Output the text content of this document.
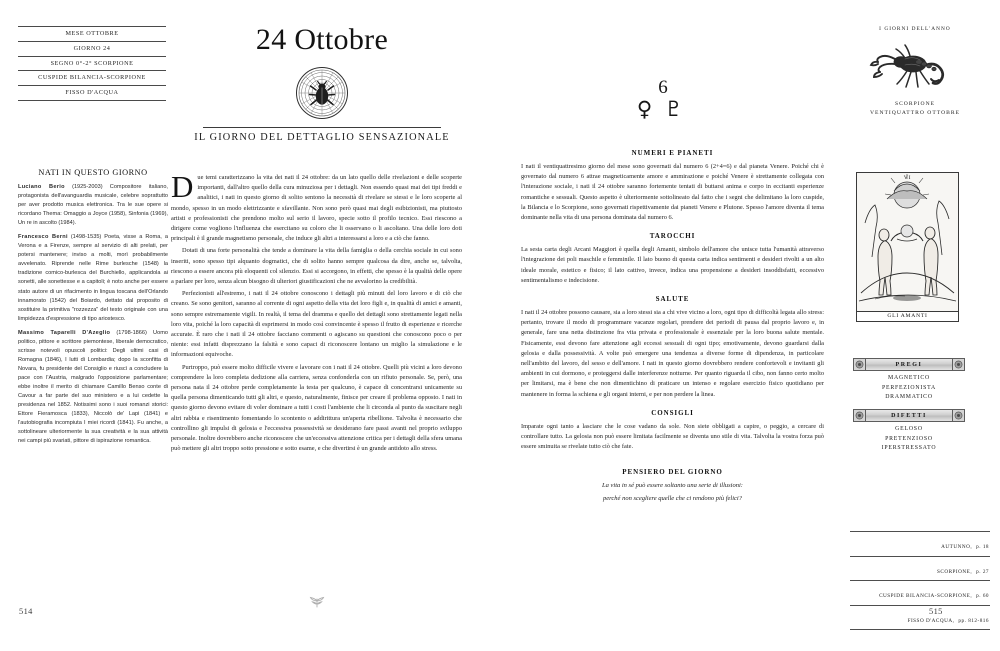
MESE OTTOBRE
GIORNO 24
SEGNO 0°-2° SCORPIONE
CUSPIDE BILANCIA-SCORPIONE
FISSO D'ACQUA
NATI IN QUESTO GIORNO
Luciano Berio (1925-2003) Compositore italiano, protagonista dell'avanguardia musicale, celebre soprattutto per aver prodotto musica elettronica. Tra le sue opere si ricordano Thema: Omaggio a Joyce (1958), Sinfonia (1969), Un re in ascolto (1984).
Francesco Berni (1498-1535) Poeta, visse a Roma, a Verona e a Firenze, sempre al servizio di alti prelati, per potersi mantenere; inviso a molti, morì probabilmente avvelenato. Riprende nelle Rime burlesche (1548) la tradizione comico-burlesca del Burchiello, applicandola ai sonetti, alle sonettesse e a capitoli; è noto anche per essere stato autore di un rifacimento in lingua toscana dell'Orlando innamorato (1542) del Boiardo, dettato dal proposito di sostituire la primitiva "rozzezza" del testo originale con una limpidezza d'espressione di tipo ariostesco.
Massimo Taparelli D'Azeglio (1798-1866) Uomo politico, pittore e scrittore piemontese, liberale democratico, scrisse notevoli opuscoli politici: Degli ultimi casi di Romagna (1846), I lutti di Lombardia; dopo la sconfitta di Novara, fu presidente del Consiglio e riuscì a concludere la pace con l'Austria, malgrado l'opposizione parlamentare; ebbe inoltre il merito di chiamare Camillo Benso conte di Cavour a far parte del suo ministero e a lui cedette la presidenza nel 1852. Notissimi sono i suoi romanzi storici: Ettore Fieramosca (1833), Niccolò de' Lapi (1841) e l'autobiografia incompiuta I miei ricordi (1841). Fu anche, a sottolineare ulteriormente la sua creatività e la sua attività nei campi più svariati, pittore di ispirazione romantica.
24 Ottobre
IL GIORNO DEL DETTAGLIO SENSAZIONALE
Due temi caratterizzano la vita dei nati il 24 ottobre: da un lato quello delle rivelazioni e delle scoperte importanti, dall'altro quello della cura minuziosa per i dettagli. Non essendo quasi mai dei tipi freddi e analitici, i nati in questo giorno di solito sentono la necessità di rivelare se stessi e le loro scoperte al mondo, spesso in un modo elettrizzante e sfavillante. Non sono però quasi mai degli esibizionisti, ma piuttosto artisti e professionisti che prendono molto sul serio il lavoro, specie sotto il profilo tecnico. Essi riescono a dirigere come vogliono l'influenza che esercitano su coloro che li osservano o li ascoltano. Una delle loro doti principali è il grande magnetismo personale, che induce gli altri a interessarsi a loro e a ciò che fanno.
Dotati di una forte personalità che tende a dominare la vita della famiglia o della cerchia sociale in cui sono inseriti, sono spesso tipi alquanto dogmatici, che di solito hanno sempre qualcosa da dire, anche se, talvolta, riescono a essere ancora più eloquenti col silenzio. Essi si accorgono, in effetti, che spesso è la qualità delle opere a parlare per loro, senza alcun bisogno di ulteriori giustificazioni che ne avvalorino la credibilità.
Perfezionisti all'estremo, i nati il 24 ottobre conoscono i dettagli più minuti del loro lavoro e di ciò che creano. Se sono genitori, saranno al corrente di ogni aspetto della vita dei loro figli e, in qualità di amici e amanti, sono sempre estremamente vigili. In realtà, il tema del dramma e quello dei dettagli sono strettamente legati nella loro vita, poiché la loro capacità di esprimersi in modo così convincente è spesso il frutto di esperienze e ricerche accurate. È raro che i nati il 24 ottobre facciano commenti o agiscano su questioni che conoscono poco o per niente: essi infatti disprezzano la falsità e sono capaci di riconoscere lontano un miglio la simulazione e le informazioni equivoche.
Purtroppo, può essere molto difficile vivere e lavorare con i nati il 24 ottobre. Quelli più vicini a loro devono comprendere la loro completa dedizione alla carriera, senza confonderla con un rifiuto personale. Se, però, una persona nata il 24 ottobre perde completamente la testa per qualcuno, è capace di concentrarsi unicamente su quella persona dimenticando tutti gli altri, e questo, naturalmente, finisce per creare il problema opposto. I nati in questo giorno devono evitare di voler dominare a tutti i costi l'ambiente che li circonda al punto da suscitare negli altri rabbia e risentimento fomentando lo scontento o addirittura un'aperta ribellione. Talvolta è necessario che controllino gli impulsi di gelosia e l'eccessiva possessività se desiderano fare passi avanti nel proprio sviluppo personale. Inoltre dovrebbero anche riconoscere che un'eccessiva attenzione critica per i dettagli della sfera umana può mettere gli altri troppo sotto pressione e sotto esame, e che divertirsi è un grande antidoto allo stress.
514
6
♀♇
NUMERI E PIANETI
I nati il ventiquattresimo giorno del mese sono governati dal numero 6 (2+4=6) e dal pianeta Venere. Poiché chi è governato dal numero 6 attrae magneticamente amore e ammirazione e poiché Venere è strettamente collegata con l'interazione sociale, i nati il 24 ottobre saranno fortemente tentati di buttarsi anima e corpo in eccitanti esperienze romantiche e sessuali. Questo aspetto è ulteriormente sottolineato dal fatto che i segni che delimitano la loro cuspide, la Bilancia e lo Scorpione, sono governati rispettivamente dai pianeti Venere e Plutone. Spesso l'amore diventa il tema dominante nella vita di una persona dominata dal numero 6.
TAROCCHI
La sesta carta degli Arcani Maggiori è quella degli Amanti, simbolo dell'amore che unisce tutta l'umanità attraverso l'integrazione dei poli maschile e femminile. Il lato buono di questa carta indica sentimenti e desideri rivolti a un alto ideale morale, estetico e fisico; il lato cattivo, invece, indica una propensione a desideri insoddisfatti, eccessivo sentimentalismo e indecisione.
SALUTE
I nati il 24 ottobre possono causare, sia a loro stessi sia a chi vive vicino a loro, ogni tipo di difficoltà legata allo stress: pertanto, trovare il modo di programmare vacanze regolari, prendere dei periodi di pausa dal proprio lavoro e, in generale, fare una netta distinzione fra vita privata e professionale è essenziale per la loro buona salute mentale. Fisicamente, essi devono fare attenzione agli eccessi sessuali di ogni tipo; emotivamente, devono guardarsi dalla gelosia e dalla possessività. A volte può emergere una tendenza a diverse forme di dipendenza, in particolare nell'ambito del lavoro, del sesso e dell'amore. I nati in questo giorno dovrebbero rendere confortevoli e invitanti gli ambienti in cui dormono, e proteggersi dalle interferenze notturne. Per quanto riguarda il cibo, non fanno certo molto per limitarsi, ma è bene che non dimentichino di praticare un intenso e regolare esercizio fisico quotidiano per mantenere in forma la schiena e gli organi interni, e per non perdere la linea.
CONSIGLI
Imparate ogni tanto a lasciare che le cose vadano da sole. Non siete obbligati a capire, o peggio, a cercare di controllare tutto. La gelosia non può essere limitata facilmente se diventa uno stile di vita. Talvolta la vostra forza può essere sminuita se rivelate tutto ciò che fate.
PENSIERO DEL GIORNO
La vita in sé può essere soltanto una serie di illusioni:
perché non scegliere quelle che ci rendono più felici?
I GIORNI DELL'ANNO
SCORPIONE
VENTIQUATTRO OTTOBRE
VI
GLI AMANTI
PREGI
MAGNETICO
PERFEZIONISTA
DRAMMATICO
DIFETTI
GELOSO
PRETENZIOSO
IPERSTRESSATO
AUTUNNO, p. 18
SCORPIONE, p. 27
CUSPIDE BILANCIA-SCORPIONE, p. 60
FISSO D'ACQUA, pp. 812-816
515
